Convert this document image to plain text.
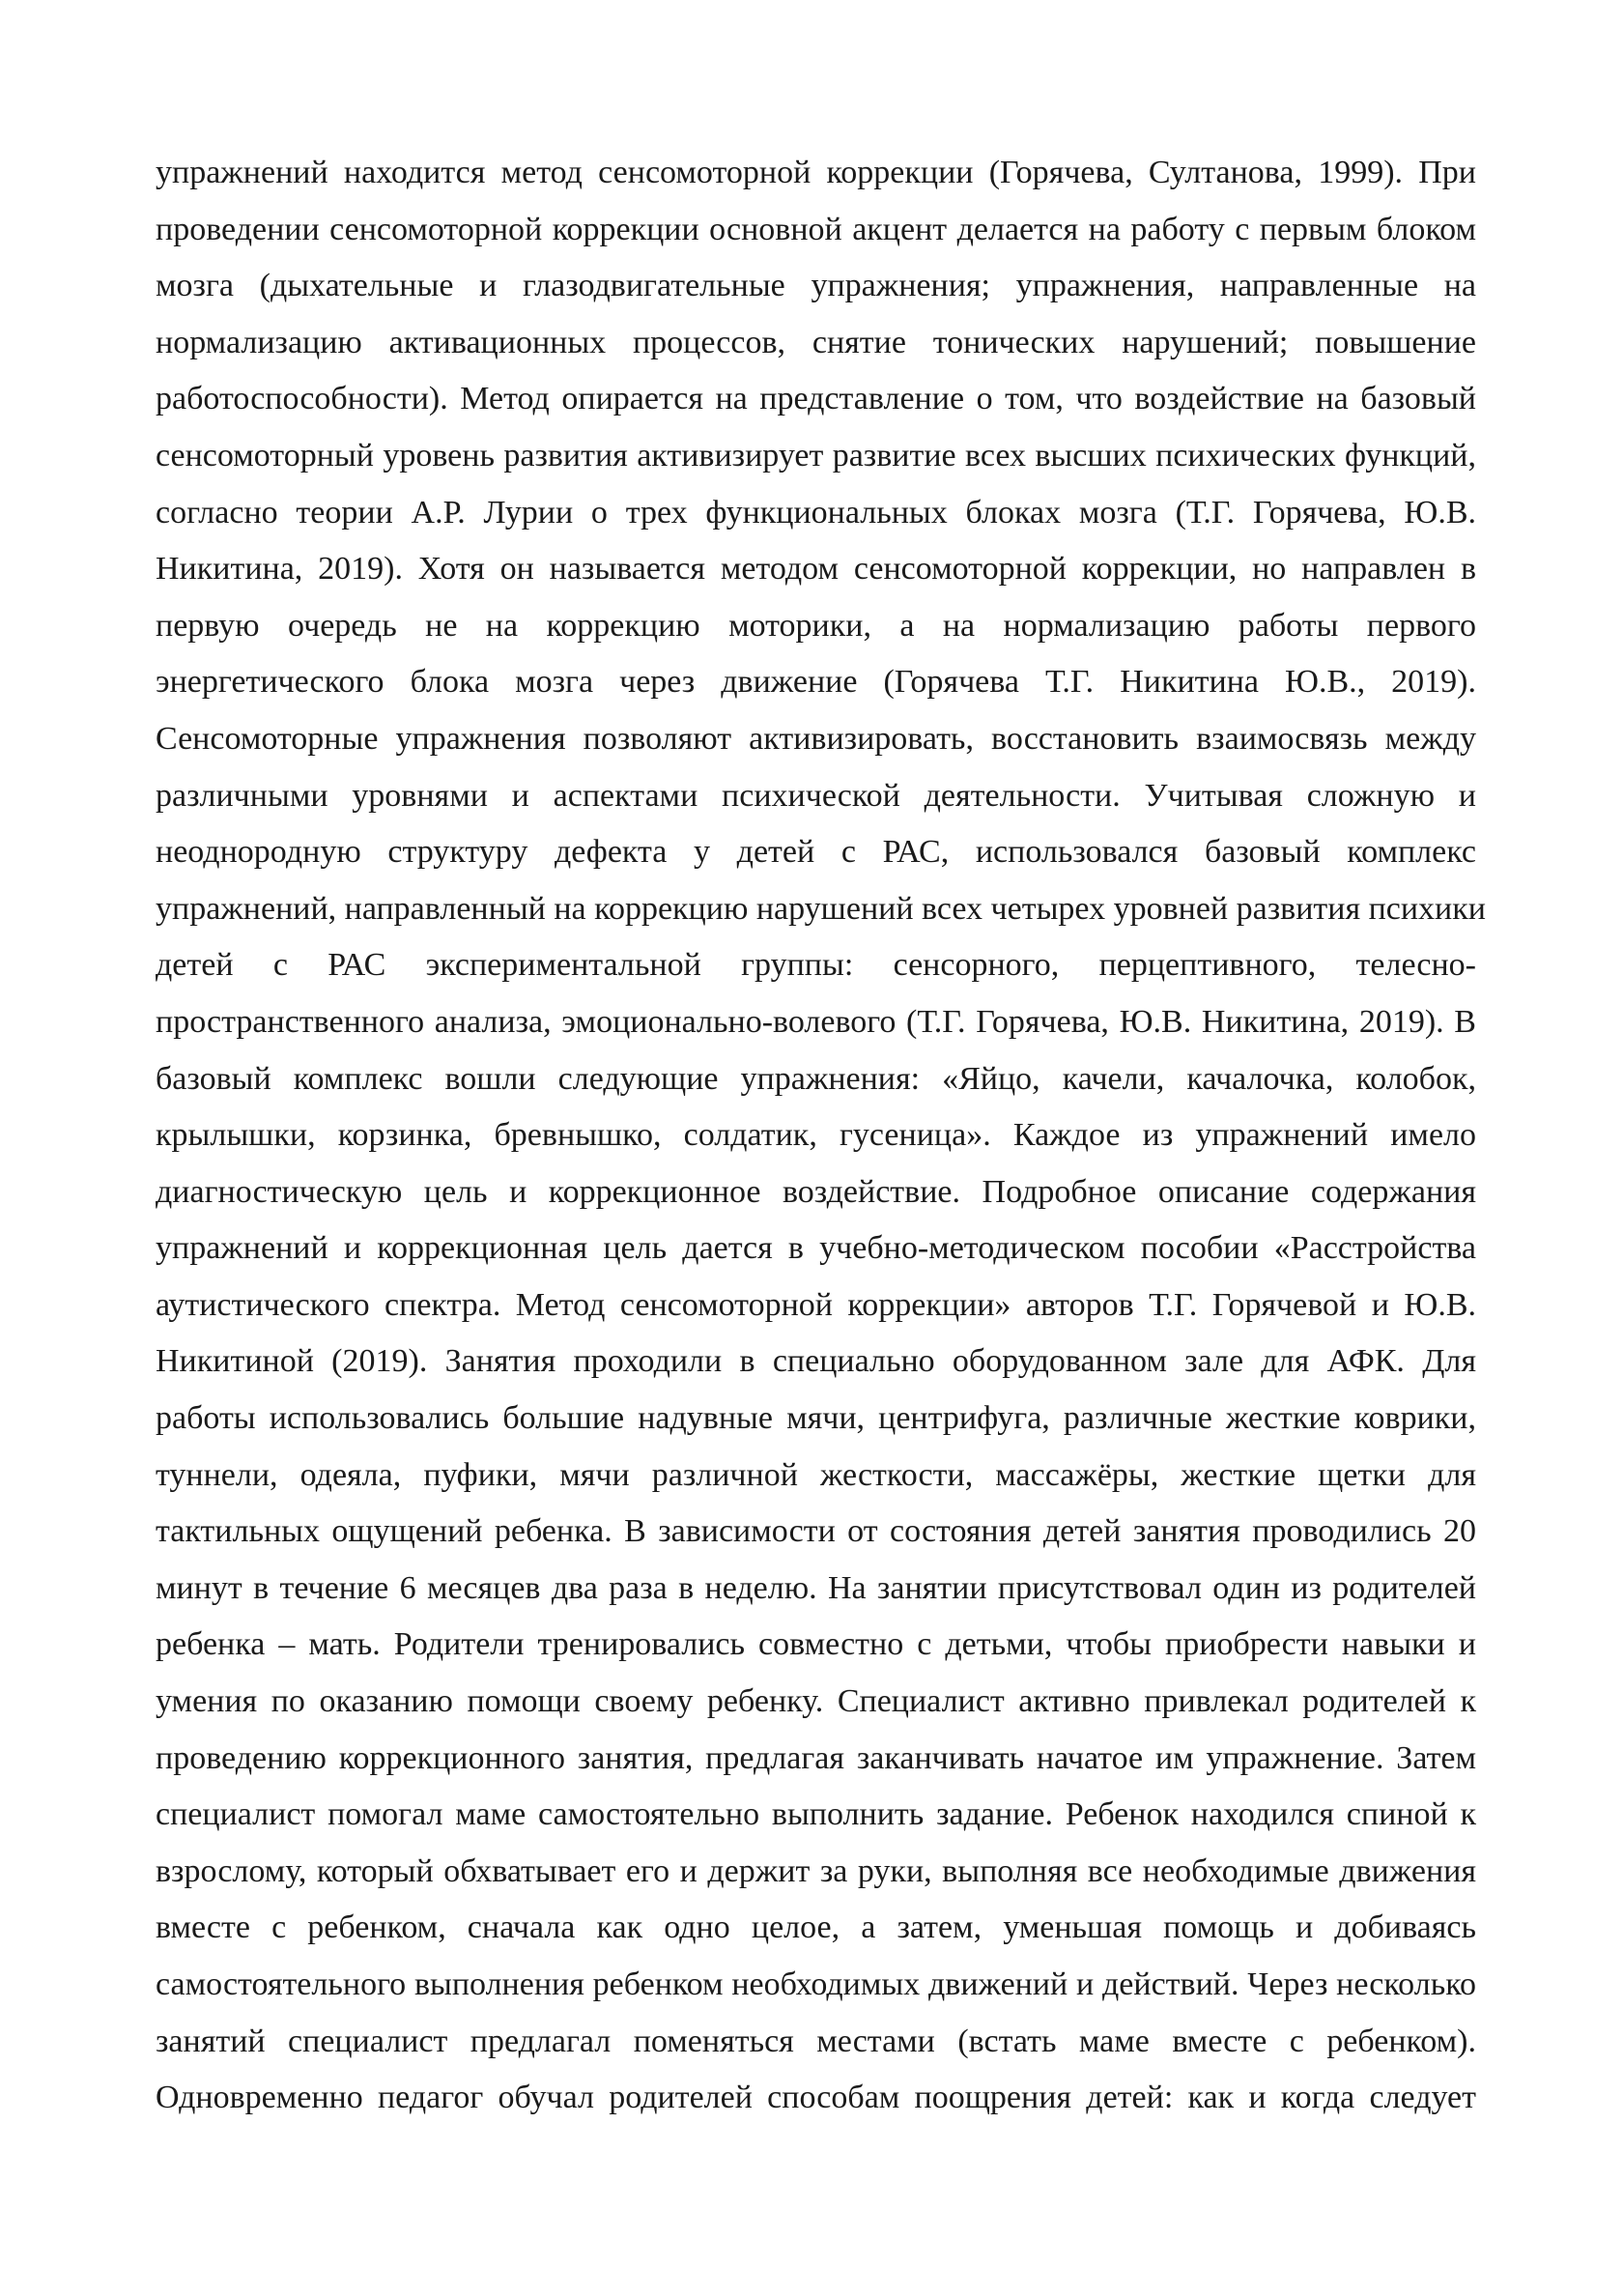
упражнений находится метод сенсомоторной коррекции (Горячева, Султанова, 1999). При
проведении сенсомоторной коррекции основной акцент делается на работу с первым блоком
мозга (дыхательные и глазодвигательные упражнения; упражнения, направленные на
нормализацию активационных процессов, снятие тонических нарушений; повышение
работоспособности). Метод опирается на представление о том, что воздействие на базовый
сенсомоторный уровень развития активизирует развитие всех высших психических функций,
согласно теории А.Р. Лурии о трех функциональных блоках мозга (Т.Г. Горячева, Ю.В.
Никитина, 2019). Хотя он называется методом сенсомоторной коррекции, но направлен в
первую очередь не на коррекцию моторики, а на нормализацию работы первого
энергетического блока мозга через движение (Горячева Т.Г. Никитина Ю.В., 2019).
Сенсомоторные упражнения позволяют активизировать, восстановить взаимосвязь между
различными уровнями и аспектами психической деятельности. Учитывая сложную и
неоднородную структуру дефекта у детей с РАС, использовался базовый комплекс
упражнений, направленный на коррекцию нарушений всех четырех уровней развития психики
детей с РАС экспериментальной группы: сенсорного, перцептивного, телесно-
пространственного анализа, эмоционально-волевого (Т.Г. Горячева, Ю.В. Никитина, 2019). В
базовый комплекс вошли следующие упражнения: «Яйцо, качели, качалочка, колобок,
крылышки, корзинка, бревнышко, солдатик, гусеница». Каждое из упражнений имело
диагностическую цель и коррекционное воздействие. Подробное описание содержания
упражнений и коррекционная цель дается в учебно-методическом пособии «Расстройства
аутистического спектра. Метод сенсомоторной коррекции» авторов Т.Г. Горячевой и Ю.В.
Никитиной (2019). Занятия проходили в специально оборудованном зале для АФК. Для
работы использовались большие надувные мячи, центрифуга, различные жесткие коврики,
туннели, одеяла, пуфики, мячи различной жесткости, массажёры, жесткие щетки для
тактильных ощущений ребенка. В зависимости от состояния детей занятия проводились 20
минут в течение 6 месяцев два раза в неделю. На занятии присутствовал один из родителей
ребенка – мать. Родители тренировались совместно с детьми, чтобы приобрести навыки и
умения по оказанию помощи своему ребенку. Специалист активно привлекал родителей к
проведению коррекционного занятия, предлагая заканчивать начатое им упражнение. Затем
специалист помогал маме самостоятельно выполнить задание. Ребенок находился спиной к
взрослому, который обхватывает его и держит за руки, выполняя все необходимые движения
вместе с ребенком, сначала как одно целое, а затем, уменьшая помощь и добиваясь
самостоятельного выполнения ребенком необходимых движений и действий. Через несколько
занятий специалист предлагал поменяться местами (встать маме вместе с ребенком).
Одновременно педагог обучал родителей способам поощрения детей: как и когда следует
